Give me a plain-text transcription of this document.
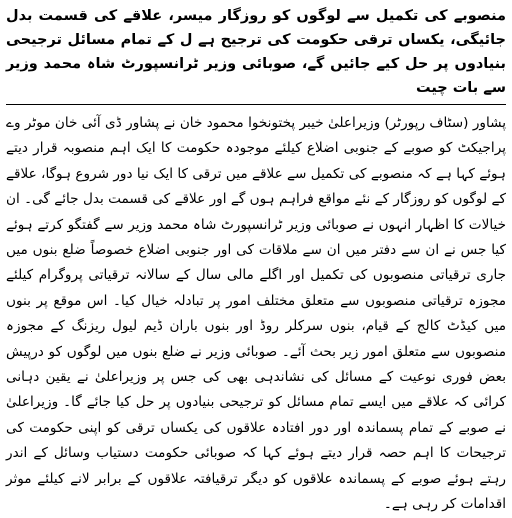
منصوبے کی تکمیل سے لوگوں کو روزگار میسر، علاقے کی قسمت بدل جائیگی، یکساں ترقی حکومت کی ترجیح ہے ل کے تمام مسائل ترجیحی بنیادوں پر حل کیے جائیں گے، صوبائی وزیر ٹرانسپورٹ شاہ محمد وزیر سے بات چیت

پشاور (سٹاف رپورٹر) وزیراعلیٰ خیبر پختونخوا محمود خان نے پشاور ڈی آئی خان موٹر وے پراجیکٹ کو صوبے کے جنوبی اضلاع کیلئے موجودہ حکومت کا ایک اہم منصوبہ قرار دیتے ہوئے کہا ہے کہ منصوبے کی تکمیل سے علاقے میں ترقی کا ایک نیا دور شروع ہوگا، علاقے کے لوگوں کو روزگار کے نئے مواقع فراہم ہوں گے اور علاقے کی قسمت بدل جائے گی۔ ان خیالات کا اظہار انہوں نے صوبائی وزیر ٹرانسپورٹ شاہ محمد وزیر سے گفتگو کرتے ہوئے کیا جس نے ان سے دفتر میں ان سے ملاقات کی اور جنوبی اضلاع خصوصاً ضلع بنوں میں جاری ترقیاتی منصوبوں کی تکمیل اور اگلے مالی سال کے سالانہ ترقیاتی پروگرام کیلئے مجوزہ ترقیاتی منصوبوں سے متعلق مختلف امور پر تبادلہ خیال کیا۔ اس موقع پر بنوں میں کیڈٹ کالج کے قیام، بنوں سرکلر روڈ اور بنوں باران ڈیم لیول ریزنگ کے مجوزہ منصوبوں سے متعلق امور زیر بحث آئے۔ صوبائی وزیر نے ضلع بنوں میں لوگوں کو درپیش بعض فوری نوعیت کے مسائل کی نشاندہی بھی کی جس پر وزیراعلیٰ نے یقین دہانی کرائی کہ علاقے میں ایسے تمام مسائل کو ترجیحی بنیادوں پر حل کیا جائے گا۔ وزیراعلیٰ نے صوبے کے تمام پسماندہ اور دور افتادہ علاقوں کی یکساں ترقی کو اپنی حکومت کی ترجیحات کا اہم حصہ قرار دیتے ہوئے کہا کہ صوبائی حکومت دستیاب وسائل کے اندر رہتے ہوئے صوبے کے پسماندہ علاقوں کو دیگر ترقیافتہ علاقوں کے برابر لانے کیلئے موثر اقدامات کر رہی ہے۔
